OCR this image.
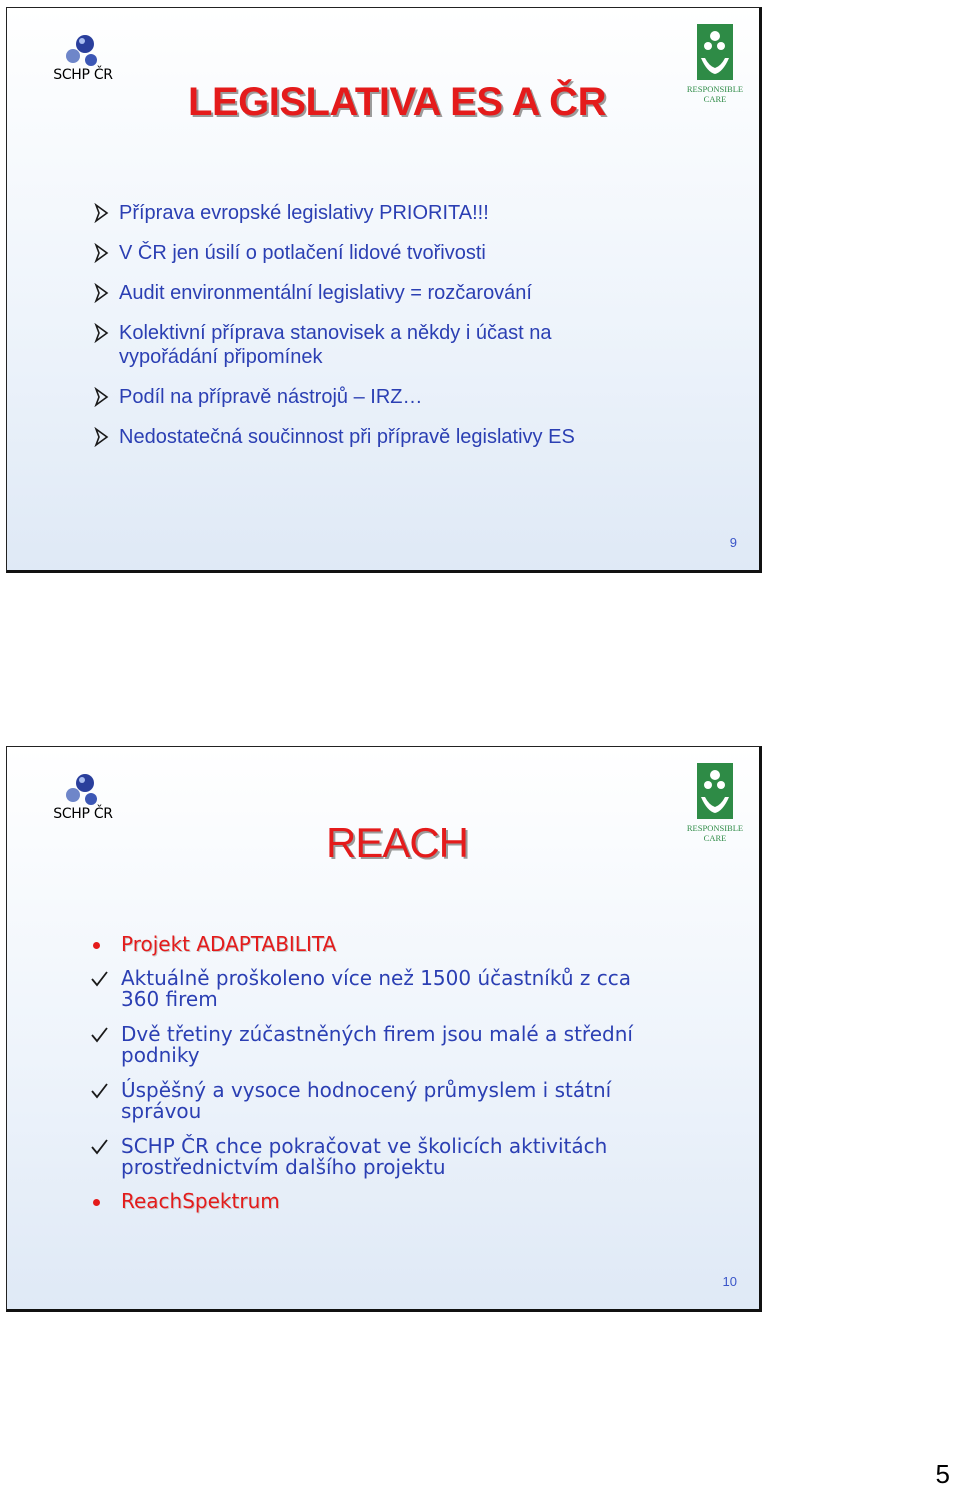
SCHP ČR
RESPONSIBLE
CARE
LEGISLATIVA ES A ČR
Příprava evropské legislativy PRIORITA!!!
V ČR jen úsilí o potlačení lidové tvořivosti
Audit environmentální legislativy = rozčarování
Kolektivní příprava stanovisek a někdy i účast na vypořádání připomínek
Podíl na přípravě nástrojů – IRZ…
Nedostatečná součinnost při přípravě legislativy ES
9
SCHP ČR
RESPONSIBLE
CARE
REACH
Projekt ADAPTABILITA
Aktuálně proškoleno více než 1500 účastníků z cca
360 firem
Dvě třetiny zúčastněných firem jsou malé a střední
podniky
Úspěšný a vysoce hodnocený průmyslem i státní
správou
SCHP ČR chce pokračovat ve školicích aktivitách
prostřednictvím dalšího projektu
ReachSpektrum
10
5
